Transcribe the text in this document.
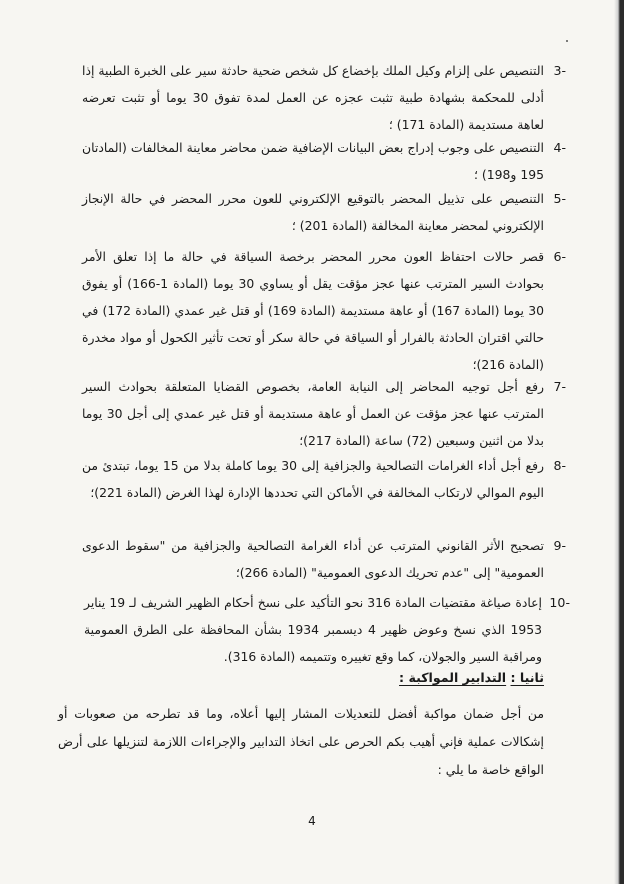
3-
التنصيص على إلزام وكيل الملك بإخضاع كل شخص ضحية حادثة سير على الخبرة الطبية إذا أدلى للمحكمة بشهادة طبية تثبت عجزه عن العمل لمدة تفوق 30 يوما أو تثبت تعرضه لعاهة مستديمة (المادة 171) ؛
4-
التنصيص على وجوب إدراج بعض البيانات الإضافية ضمن محاضر معاينة المخالفات (المادتان 195 و198) ؛
5-
التنصيص على تذييل المحضر بالتوقيع الإلكتروني للعون محرر المحضر في حالة الإنجاز الإلكتروني لمحضر معاينة المخالفة (المادة 201) ؛
6-
قصر حالات احتفاظ العون محرر المحضر برخصة السياقة في حالة ما إذا تعلق الأمر بحوادث السير المترتب عنها عجز مؤقت يقل أو يساوي 30 يوما (المادة 1-166) أو يفوق 30 يوما (المادة 167) أو عاهة مستديمة (المادة 169) أو قتل غير عمدي (المادة 172) في حالتي اقتران الحادثة بالفرار أو السياقة في حالة سكر أو تحت تأثير الكحول أو مواد مخدرة (المادة 216)؛
7-
رفع أجل توجيه المحاضر إلى النيابة العامة، بخصوص القضايا المتعلقة بحوادث السير المترتب عنها عجز مؤقت عن العمل أو عاهة مستديمة أو قتل غير عمدي إلى أجل 30 يوما بدلا من اثنين وسبعين (72) ساعة (المادة 217)؛
8-
رفع أجل أداء الغرامات التصالحية والجزافية إلى 30 يوما كاملة بدلا من 15 يوما، تبتدئ من اليوم الموالي لارتكاب المخالفة في الأماكن التي تحددها الإدارة لهذا الغرض (المادة 221)؛
9-
تصحيح الأثر القانوني المترتب عن أداء الغرامة التصالحية والجزافية من "سقوط الدعوى العمومية" إلى "عدم تحريك الدعوى العمومية" (المادة 266)؛
10-
إعادة صياغة مقتضيات المادة 316 نحو التأكيد على نسخ أحكام الظهير الشريف لـ 19 يناير 1953 الذي نسخ وعوض ظهير 4 ديسمبر 1934 بشأن المحافظة على الطرق العمومية ومراقبة السير والجولان، كما وقع تغييره وتتميمه (المادة 316).
ثانيا : التدابير المواكبة :
من أجل ضمان مواكبة أفضل للتعديلات المشار إليها أعلاه، وما قد تطرحه من صعوبات أو إشكالات عملية فإني أهيب بكم الحرص على اتخاذ التدابير والإجراءات اللازمة لتنزيلها على أرض الواقع خاصة ما يلي :
4
